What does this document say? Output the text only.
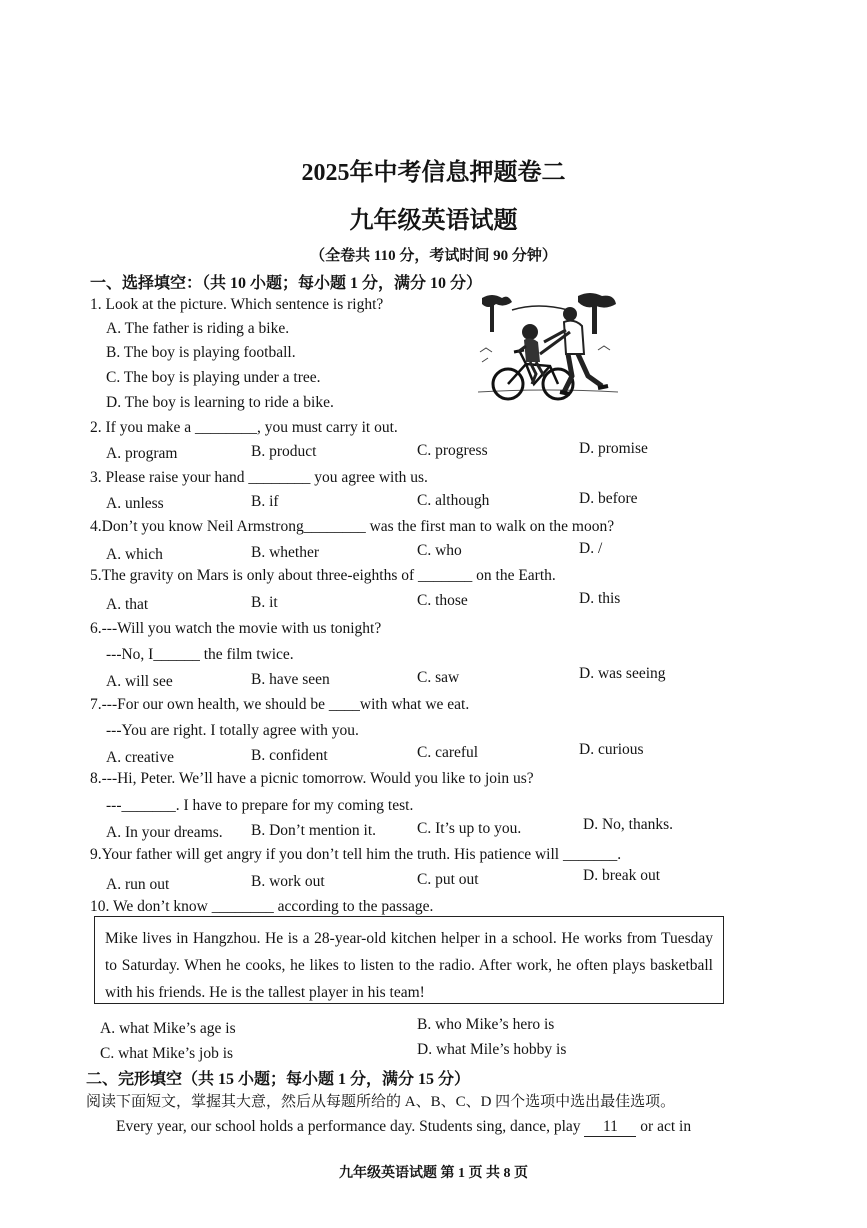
2025年中考信息押题卷二
九年级英语试题
（全卷共 110 分，考试时间 90 分钟）
一、选择填空：（共 10 小题；每小题 1 分，满分 10 分）
1. Look at the picture. Which sentence is right?
A. The father is riding a bike.
B. The boy is playing football.
C. The boy is playing under a tree.
D. The boy is learning to ride a bike.
2. If you make a ________, you must carry it out.
A. program	B. product	C. progress	D. promise
3. Please raise your hand ________ you agree with us.
A. unless	B. if	C. although	D. before
4.Don’t you know Neil Armstrong________ was the first man to walk on the moon?
A. which	B. whether	C. who	D. /
5.The gravity on Mars is only about three-eighths of _______ on the Earth.
A. that	B. it	C. those	D. this
6.---Will you watch the movie with us tonight?
---No, I______ the film twice.
A. will see	B. have seen	C. saw	D. was seeing
7.---For our own health, we should be ____with what we eat.
---You are right. I totally agree with you.
A. creative	B. confident	C. careful	D. curious
8.---Hi, Peter. We’ll have a picnic tomorrow. Would you like to join us?
---_______. I have to prepare for my coming test.
A. In your dreams. B. Don’t mention it.	C. It’s up to you.	D. No, thanks.
9.Your father will get angry if you don’t tell him the truth. His patience will _______.
A. run out	B. work out	C. put out	D. break out
10. We don’t know ________ according to the passage.
Mike lives in Hangzhou. He is a 28-year-old kitchen helper in a school. He works from Tuesday to Saturday. When he cooks, he likes to listen to the radio. After work, he often plays basketball with his friends. He is the tallest player in his team!
A. what Mike’s age is	B. who Mike’s hero is
C. what Mike’s job is	D. what Mile’s hobby is
二、完形填空（共 15 小题；每小题 1 分，满分 15 分）
阅读下面短文，掌握其大意，然后从每题所给的 A、B、C、D 四个选项中选出最佳选项。
Every year, our school holds a performance day. Students sing, dance, play 11 or act in
九年级英语试题 第 1 页 共 8 页
